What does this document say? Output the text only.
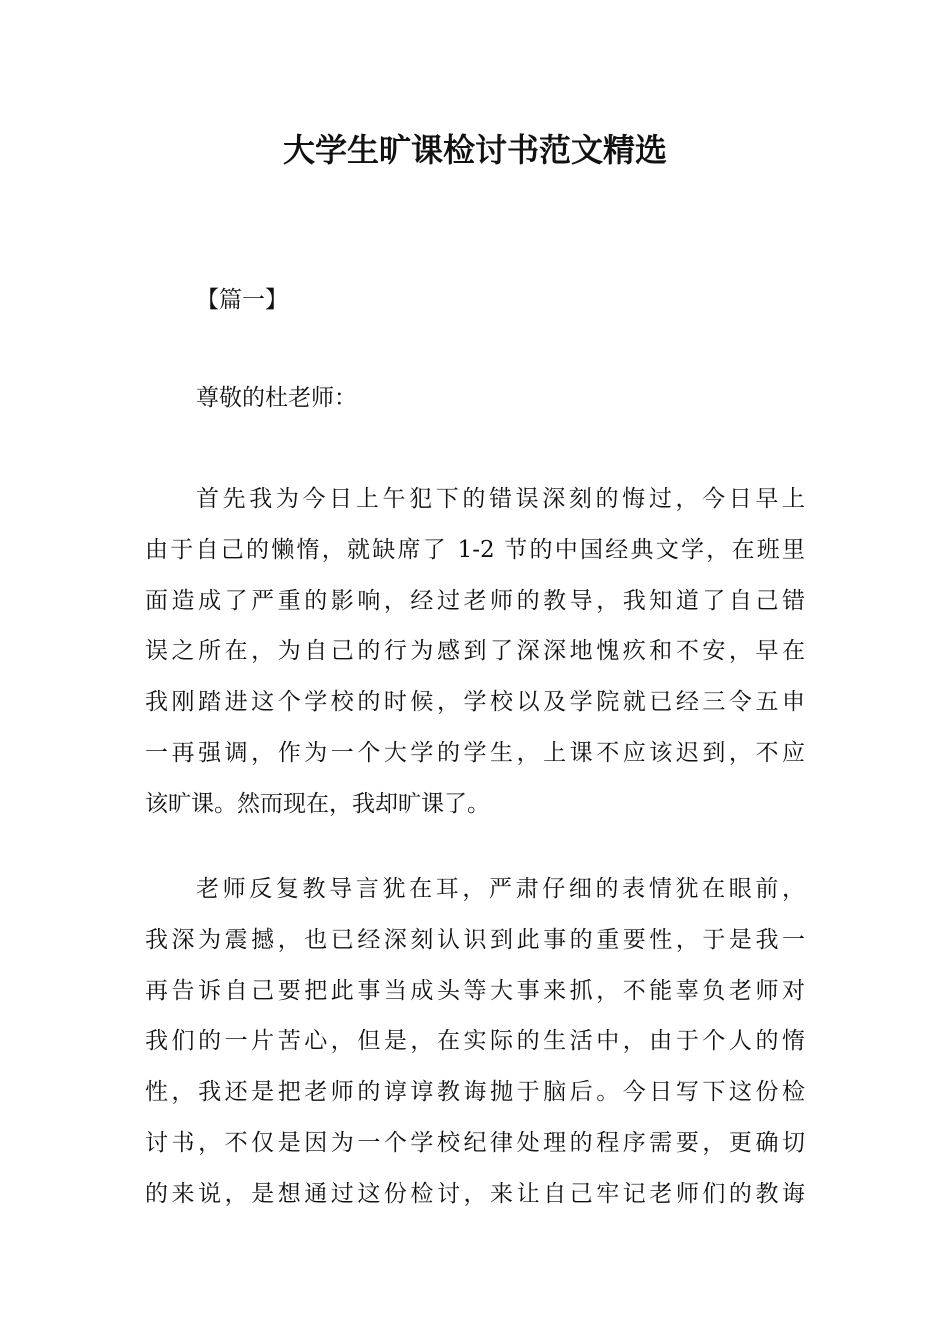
大学生旷课检讨书范文精选
【篇一】
尊敬的杜老师：

首先我为今日上午犯下的错误深刻的悔过，今日早上
由于自己的懒惰，就缺席了 1-2 节的中国经典文学，在班里
面造成了严重的影响，经过老师的教导，我知道了自己错
误之所在，为自己的行为感到了深深地愧疚和不安，早在
我刚踏进这个学校的时候，学校以及学院就已经三令五申
一再强调，作为一个大学的学生，上课不应该迟到，不应
该旷课。然而现在，我却旷课了。

老师反复教导言犹在耳，严肃仔细的表情犹在眼前，
我深为震撼，也已经深刻认识到此事的重要性，于是我一
再告诉自己要把此事当成头等大事来抓，不能辜负老师对
我们的一片苦心，但是，在实际的生活中，由于个人的惰
性，我还是把老师的谆谆教诲抛于脑后。今日写下这份检
讨书，不仅是因为一个学校纪律处理的程序需要，更确切
的来说，是想通过这份检讨，来让自己牢记老师们的教诲
